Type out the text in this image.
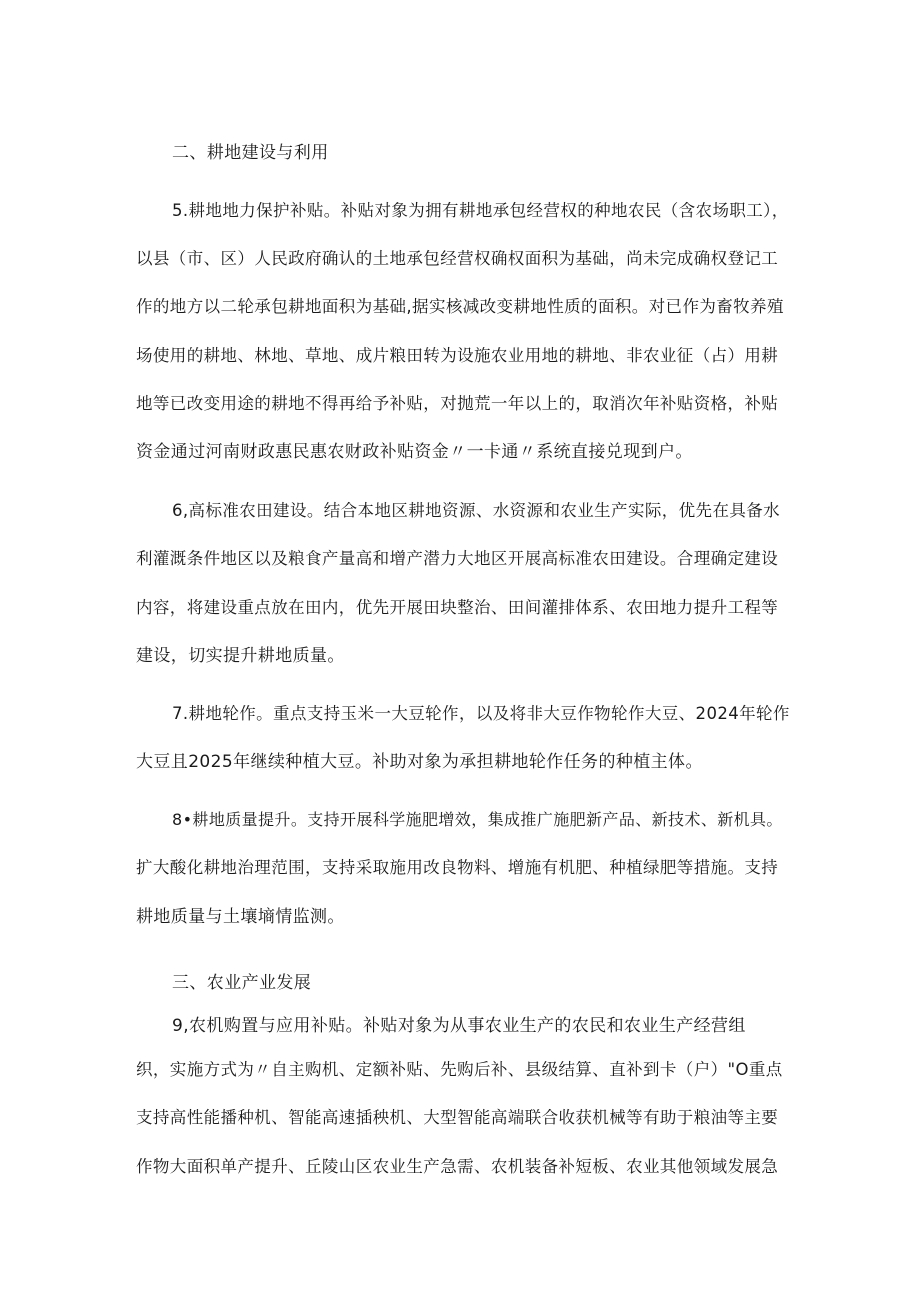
二、耕地建设与利用
5.耕地地力保护补贴。补贴对象为拥有耕地承包经营权的种地农民（含农场职工），
以县（市、区）人民政府确认的土地承包经营权确权面积为基础，尚未完成确权登记工
作的地方以二轮承包耕地面积为基础,据实核减改变耕地性质的面积。对已作为畜牧养殖
场使用的耕地、林地、草地、成片粮田转为设施农业用地的耕地、非农业征（占）用耕
地等已改变用途的耕地不得再给予补贴，对抛荒一年以上的，取消次年补贴资格，补贴
资金通过河南财政惠民惠农财政补贴资金〃一卡通〃系统直接兑现到户。
6,高标准农田建设。结合本地区耕地资源、水资源和农业生产实际，优先在具备水
利灌溉条件地区以及粮食产量高和增产潜力大地区开展高标准农田建设。合理确定建设
内容，将建设重点放在田内，优先开展田块整治、田间灌排体系、农田地力提升工程等
建设，切实提升耕地质量。
7.耕地轮作。重点支持玉米一大豆轮作，以及将非大豆作物轮作大豆、2024年轮作
大豆且2025年继续种植大豆。补助对象为承担耕地轮作任务的种植主体。
8•耕地质量提升。支持开展科学施肥增效，集成推广施肥新产品、新技术、新机具。
扩大酸化耕地治理范围，支持采取施用改良物料、增施有机肥、种植绿肥等措施。支持
耕地质量与土壤墒情监测。
三、农业产业发展
9,农机购置与应用补贴。补贴对象为从事农业生产的农民和农业生产经营组
织，实施方式为〃自主购机、定额补贴、先购后补、县级结算、直补到卡（户）"O重点
支持高性能播种机、智能高速插秧机、大型智能高端联合收获机械等有助于粮油等主要
作物大面积单产提升、丘陵山区农业生产急需、农机装备补短板、农业其他领域发展急
